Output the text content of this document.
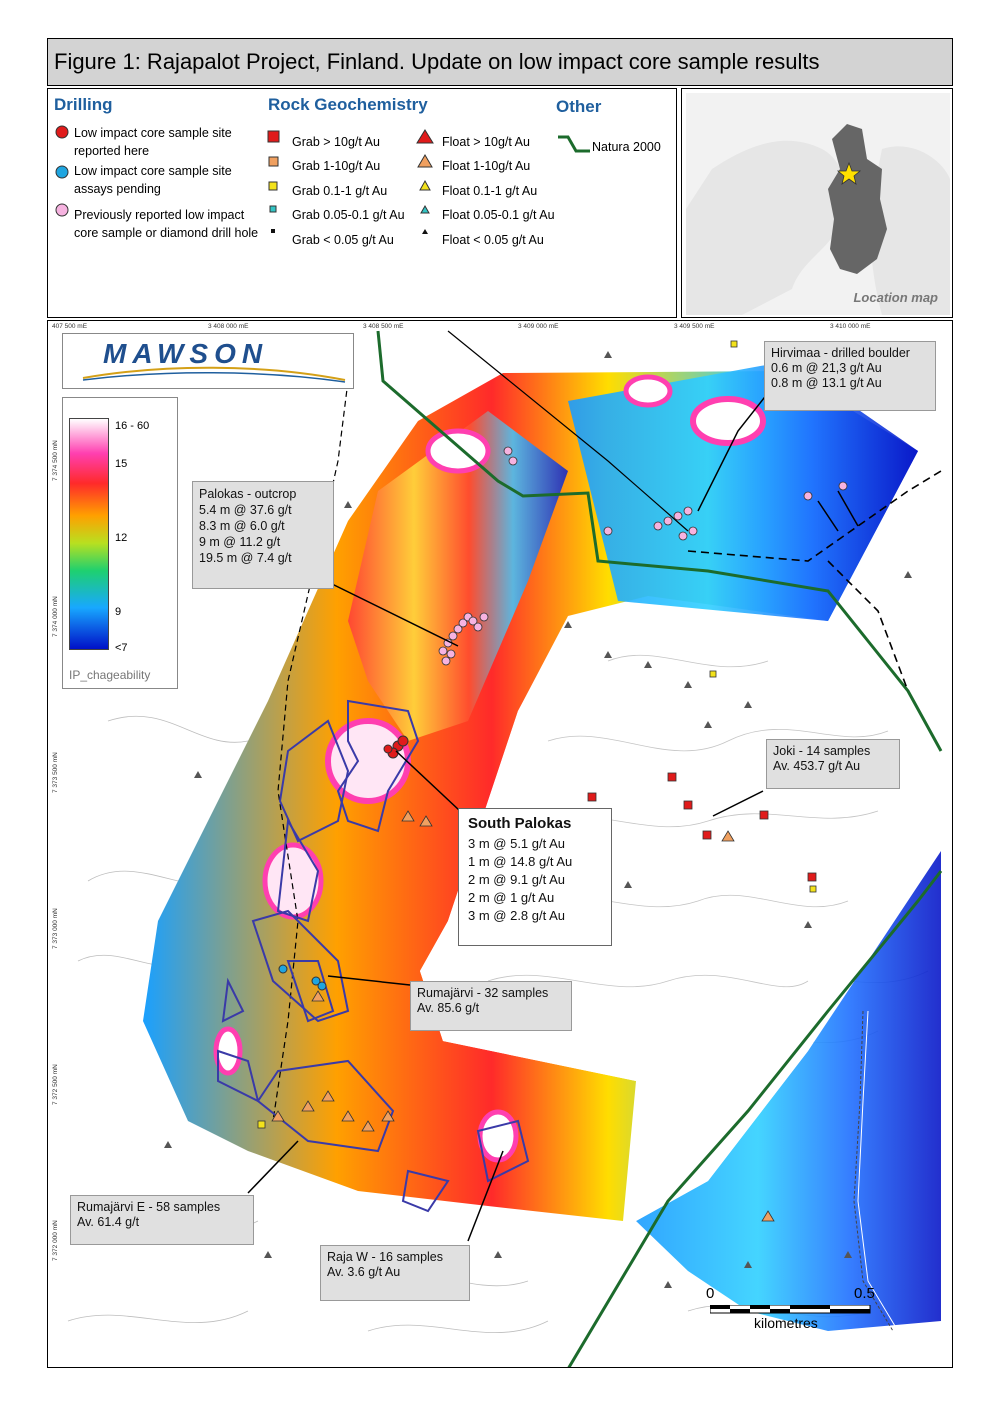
Figure 1: Rajapalot Project, Finland. Update on low impact core sample results
Drilling
Low impact core sample site
reported here
Low impact core sample site
assays pending
Previously reported low impact
core sample or diamond drill hole
Rock Geochemistry
Grab > 10g/t Au
Grab 1-10g/t Au
Grab 0.1-1 g/t Au
Grab 0.05-0.1 g/t Au
Grab < 0.05 g/t Au
Float > 10g/t Au
Float 1-10g/t Au
Float 0.1-1 g/t Au
Float 0.05-0.1 g/t Au
Float < 0.05 g/t Au
Other
Natura 2000
Location map
407 500 mE	3 408 000 mE	3 408 500 mE	3 409 000 mE	3 409 500 mE	3 410 000 mE
7 374 500 mN
7 374 000 mN
7 373 500 mN
7 373 000 mN
7 372 500 mN
7 372 000 mN
MAWSON
16 - 60
15
12
9
<7
IP_chageability
Hirvimaa - drilled boulder
0.6 m @ 21,3 g/t Au
0.8 m @ 13.1 g/t Au
Palokas - outcrop
5.4 m @ 37.6 g/t
8.3 m @ 6.0 g/t
9 m @ 11.2 g/t
19.5 m @ 7.4 g/t
South Palokas
3 m @ 5.1 g/t Au
1 m @ 14.8 g/t Au
2 m @ 9.1 g/t Au
2 m @ 1 g/t Au
3 m @ 2.8 g/t Au
Joki - 14 samples
Av. 453.7 g/t Au
Rumajärvi - 32 samples
Av. 85.6 g/t
Rumajärvi E - 58 samples
Av. 61.4 g/t
Raja W - 16 samples
Av. 3.6 g/t Au
0	0.5
kilometres
